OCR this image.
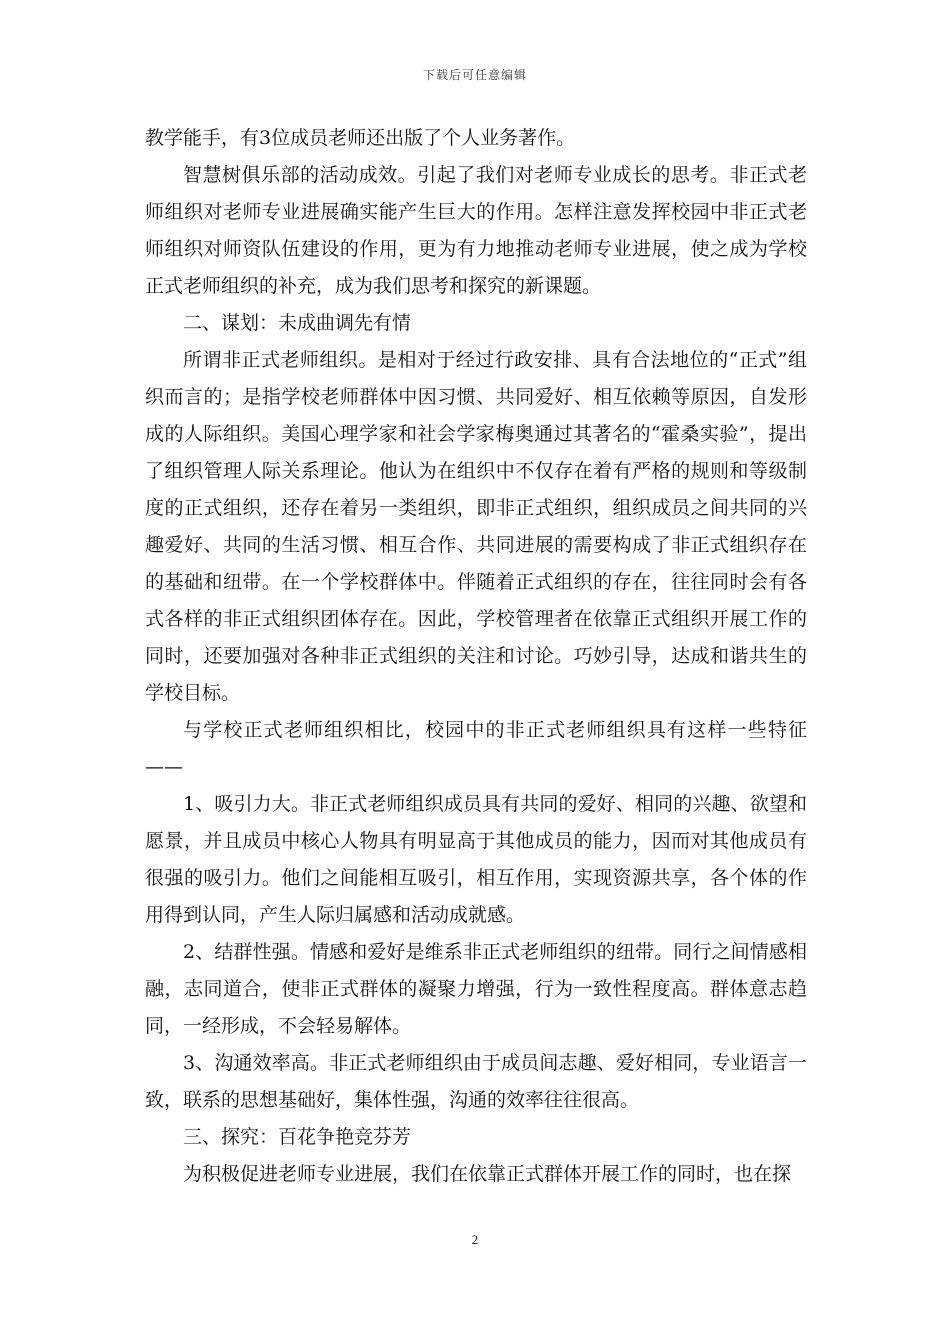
下载后可任意编辑

教学能手，有3位成员老师还出版了个人业务著作。

智慧树俱乐部的活动成效。引起了我们对老师专业成长的思考。非正式老师组织对老师专业进展确实能产生巨大的作用。怎样注意发挥校园中非正式老师组织对师资队伍建设的作用，更为有力地推动老师专业进展，使之成为学校正式老师组织的补充，成为我们思考和探究的新课题。

二、谋划：未成曲调先有情

所谓非正式老师组织。是相对于经过行政安排、具有合法地位的“正式”组织而言的；是指学校老师群体中因习惯、共同爱好、相互依赖等原因，自发形成的人际组织。美国心理学家和社会学家梅奥通过其著名的“霍桑实验”，提出了组织管理人际关系理论。他认为在组织中不仅存在着有严格的规则和等级制度的正式组织，还存在着另一类组织，即非正式组织，组织成员之间共同的兴趣爱好、共同的生活习惯、相互合作、共同进展的需要构成了非正式组织存在的基础和纽带。在一个学校群体中。伴随着正式组织的存在，往往同时会有各式各样的非正式组织团体存在。因此，学校管理者在依靠正式组织开展工作的同时，还要加强对各种非正式组织的关注和讨论。巧妙引导，达成和谐共生的学校目标。

与学校正式老师组织相比，校园中的非正式老师组织具有这样一些特征——

1、吸引力大。非正式老师组织成员具有共同的爱好、相同的兴趣、欲望和愿景，并且成员中核心人物具有明显高于其他成员的能力，因而对其他成员有很强的吸引力。他们之间能相互吸引，相互作用，实现资源共享，各个体的作用得到认同，产生人际归属感和活动成就感。

2、结群性强。情感和爱好是维系非正式老师组织的纽带。同行之间情感相融，志同道合，使非正式群体的凝聚力增强，行为一致性程度高。群体意志趋同，一经形成，不会轻易解体。

3、沟通效率高。非正式老师组织由于成员间志趣、爱好相同，专业语言一致，联系的思想基础好，集体性强，沟通的效率往往很高。

三、探究：百花争艳竞芬芳

为积极促进老师专业进展，我们在依靠正式群体开展工作的同时，也在探

2
